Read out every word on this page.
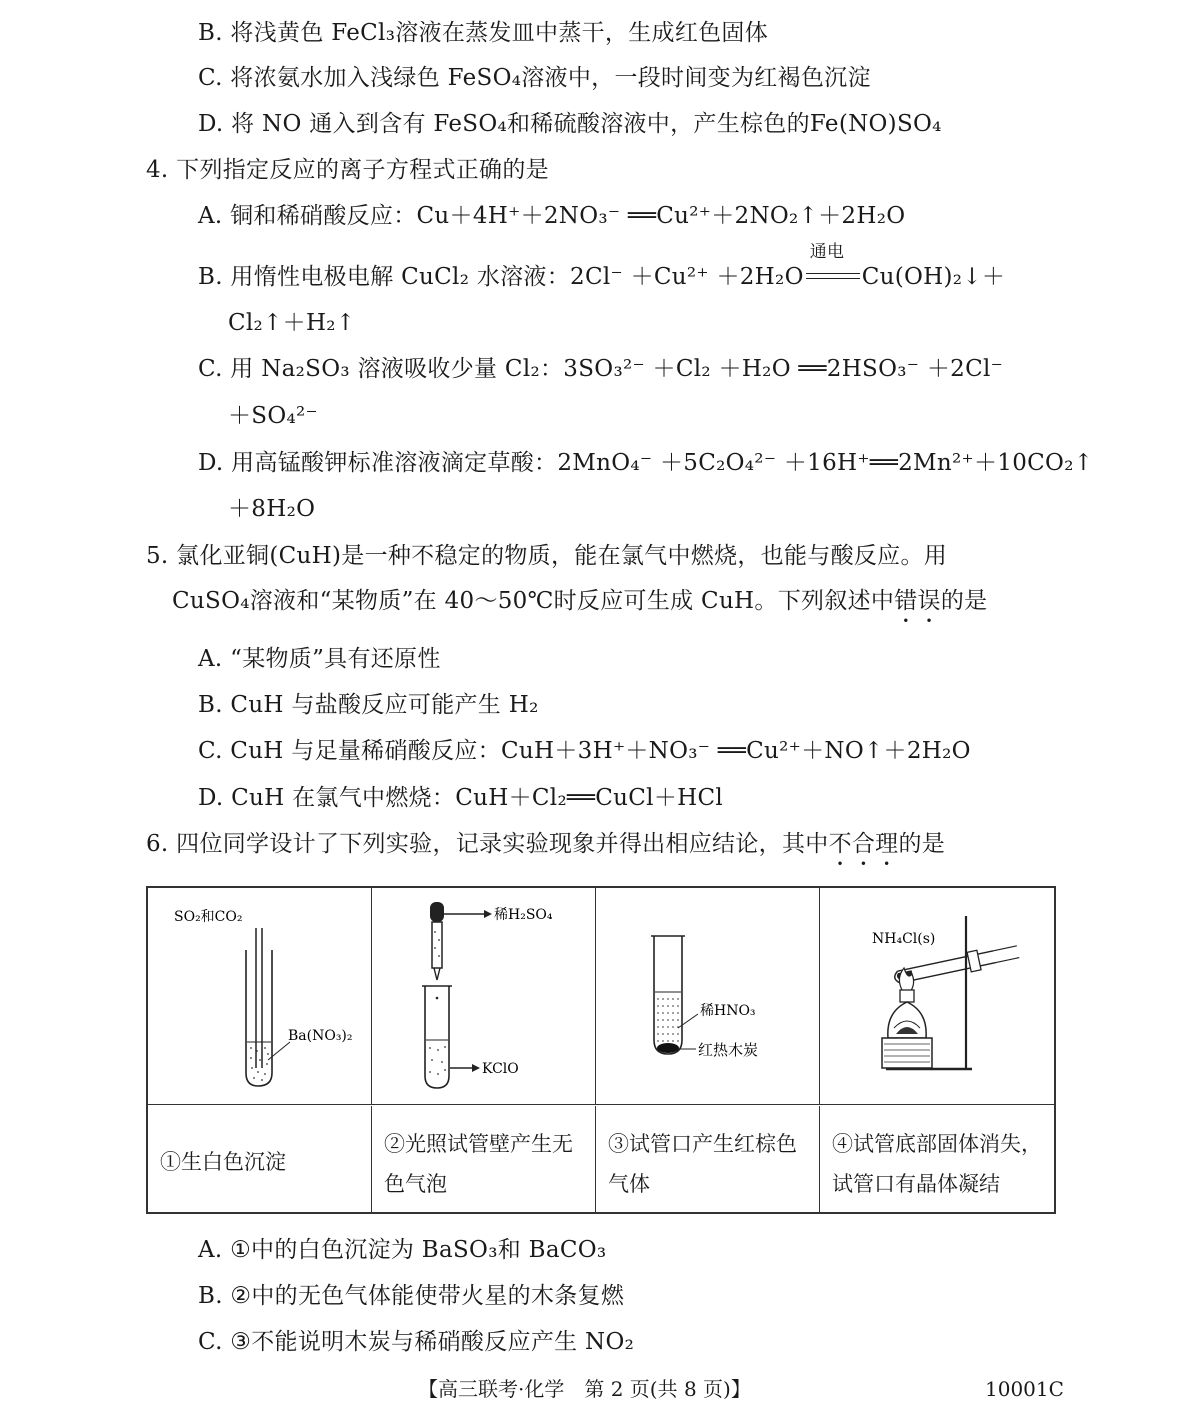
B. 将浅黄色 FeCl₃溶液在蒸发皿中蒸干，生成红色固体
C. 将浓氨水加入浅绿色 FeSO₄溶液中，一段时间变为红褐色沉淀
D. 将 NO 通入到含有 FeSO₄和稀硫酸溶液中，产生棕色的Fe(NO)SO₄
4. 下列指定反应的离子方程式正确的是
A. 铜和稀硝酸反应：Cu＋4H⁺＋2NO₃⁻ ══Cu²⁺＋2NO₂↑＋2H₂O
B. 用惰性电极电解 CuCl₂ 水溶液：2Cl⁻ ＋Cu²⁺ ＋2H₂O
通电
Cu(OH)₂↓＋
Cl₂↑＋H₂↑
C. 用 Na₂SO₃ 溶液吸收少量 Cl₂：3SO₃²⁻ ＋Cl₂ ＋H₂O ══2HSO₃⁻ ＋2Cl⁻
＋SO₄²⁻
D. 用高锰酸钾标准溶液滴定草酸：2MnO₄⁻ ＋5C₂O₄²⁻ ＋16H⁺══2Mn²⁺＋10CO₂↑
＋8H₂O
5. 氯化亚铜(CuH)是一种不稳定的物质，能在氯气中燃烧，也能与酸反应。用
CuSO₄溶液和“某物质”在 40～50℃时反应可生成 CuH。下列叙述中错误的是
A. “某物质”具有还原性
B. CuH 与盐酸反应可能产生 H₂
C. CuH 与足量稀硝酸反应：CuH＋3H⁺＋NO₃⁻ ══Cu²⁺＋NO↑＋2H₂O
D. CuH 在氯气中燃烧：CuH＋Cl₂══CuCl＋HCl
6. 四位同学设计了下列实验，记录实验现象并得出相应结论，其中不合理的是
SO₂和CO₂
Ba(NO₃)₂
稀H₂SO₄
KClO
稀HNO₃
红热木炭
NH₄Cl(s)
①生白色沉淀
②光照试管壁产生无色气泡
③试管口产生红棕色气体
④试管底部固体消失，试管口有晶体凝结
A. ①中的白色沉淀为 BaSO₃和 BaCO₃
B. ②中的无色气体能使带火星的木条复燃
C. ③不能说明木炭与稀硝酸反应产生 NO₂
【高三联考·化学　第 2 页(共 8 页)】	10001C
